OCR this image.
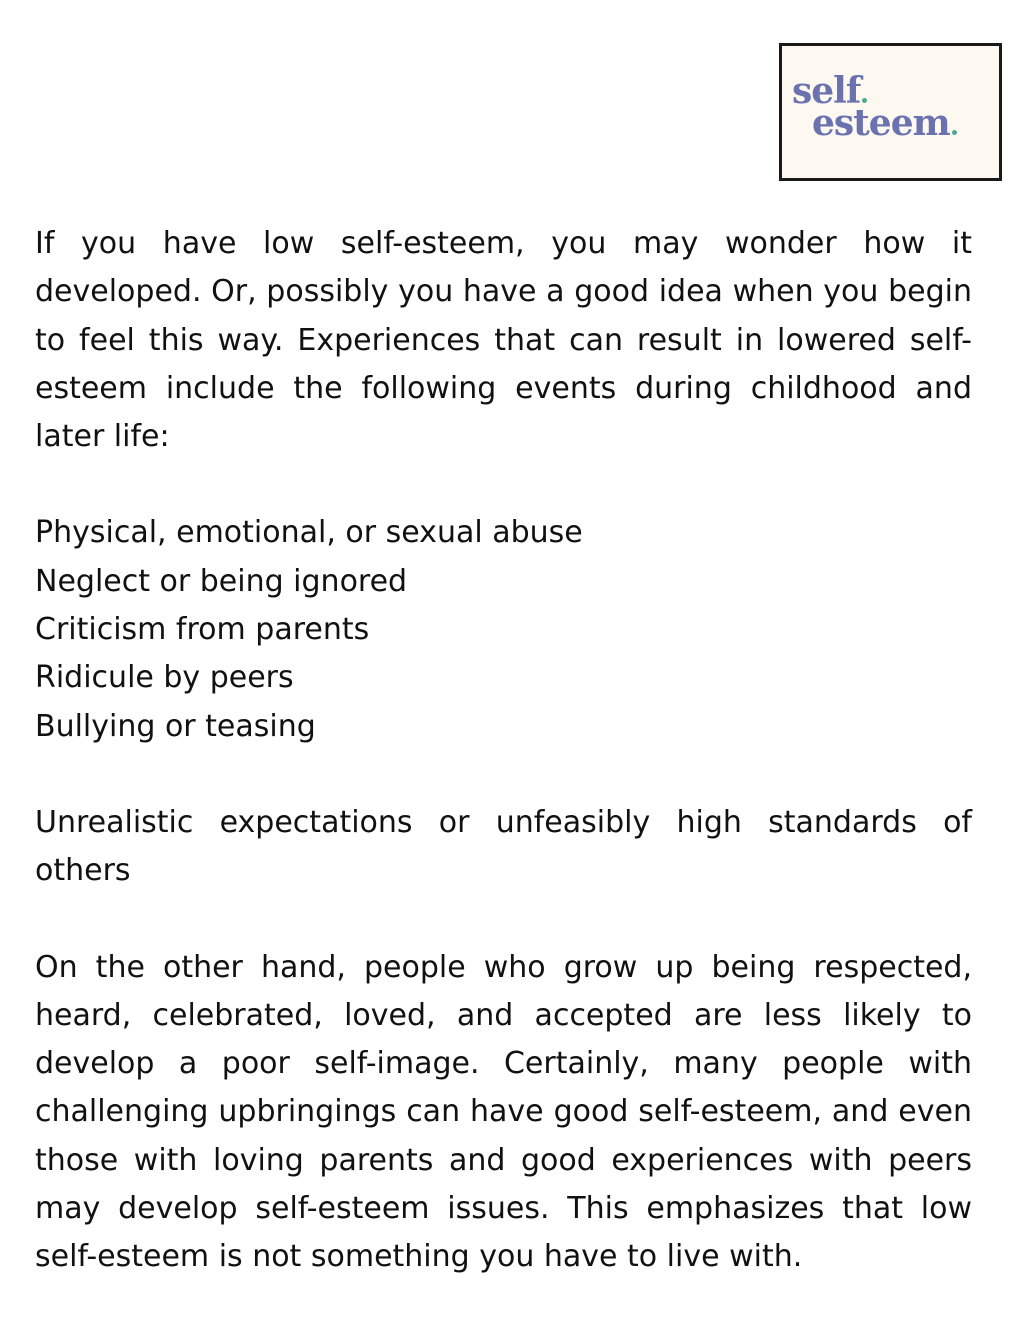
self
esteem

If you have low self-esteem, you may wonder how it developed. Or, possibly you have a good idea when you begin to feel this way. Experiences that can result in lowered self-esteem include the following events during childhood and later life:

Physical, emotional, or sexual abuse
Neglect or being ignored
Criticism from parents
Ridicule by peers
Bullying or teasing

Unrealistic expectations or unfeasibly high standards of others

On the other hand, people who grow up being respected, heard, celebrated, loved, and accepted are less likely to develop a poor self-image. Certainly, many people with challenging upbringings can have good self-esteem, and even those with loving parents and good experiences with peers may develop self-esteem issues. This emphasizes that low self-esteem is not something you have to live with.
